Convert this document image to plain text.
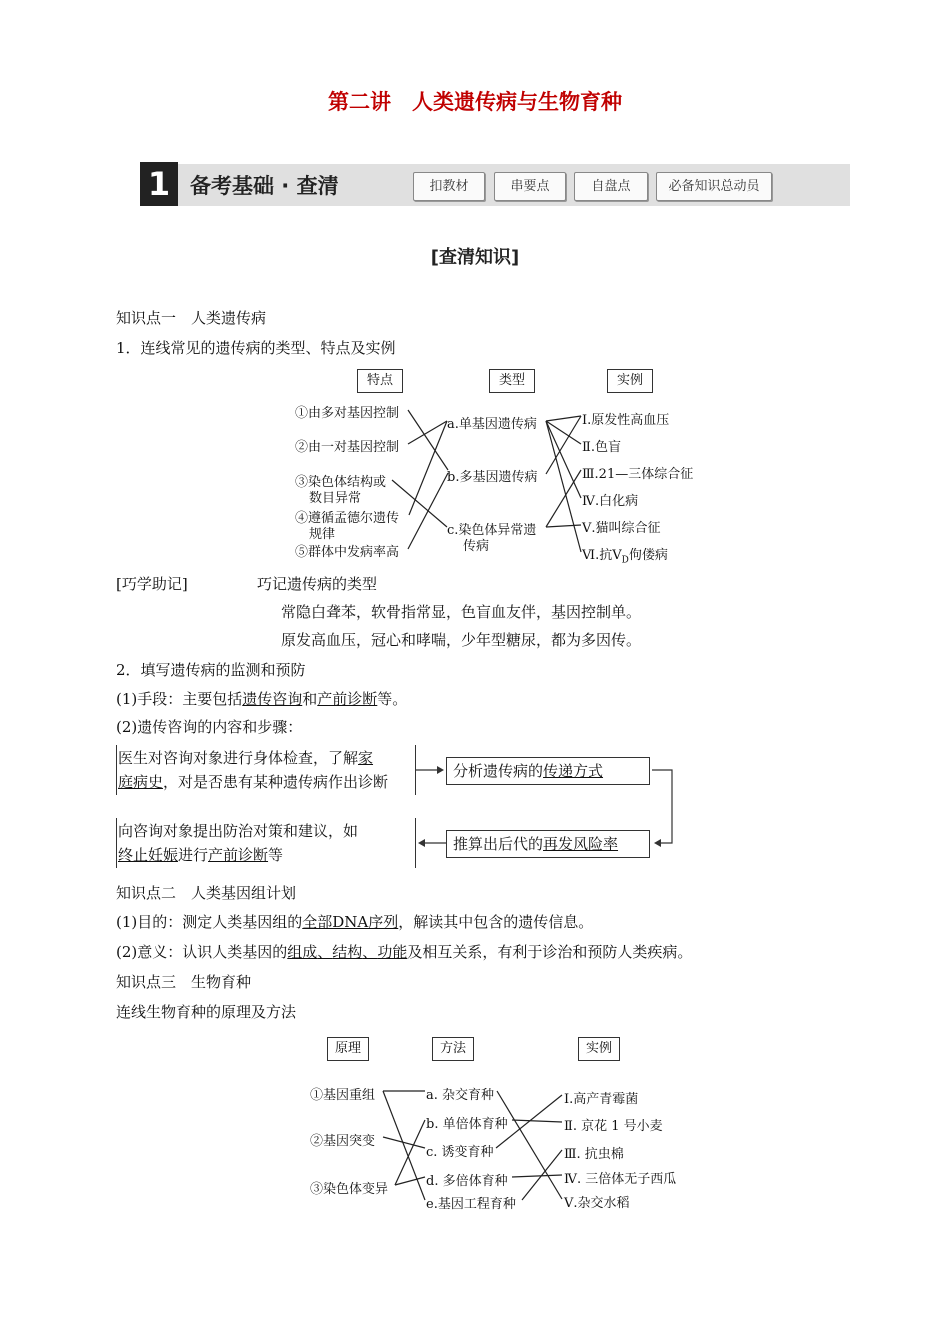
第二讲　人类遗传病与生物育种
1 备考基础 · 查清	扣教材	串要点	自盘点	必备知识总动员
[查清知识]
知识点一　人类遗传病
1．连线常见的遗传病的类型、特点及实例
特点	类型	实例
①由多对基因控制
②由一对基因控制
③染色体结构或
数目异常
④遵循孟德尔遗传
规律
⑤群体中发病率高
a.单基因遗传病
b.多基因遗传病
c.染色体异常遗
传病
Ⅰ.原发性高血压
Ⅱ.色盲
Ⅲ.21—三体综合征
Ⅳ.白化病
Ⅴ.猫叫综合征
Ⅵ.抗$V_D$佝偻病
[巧学助记]	巧记遗传病的类型
常隐白聋苯，软骨指常显，色盲血友伴，基因控制单。
原发高血压，冠心和哮喘，少年型糖尿，都为多因传。
2．填写遗传病的监测和预防
(1)手段：主要包括遗传咨询和产前诊断等。
(2)遗传咨询的内容和步骤：
医生对咨询对象进行身体检查，了解家
庭病史，对是否患有某种遗传病作出诊断
分析遗传病的传递方式
推算出后代的再发风险率
向咨询对象提出防治对策和建议，如
终止妊娠进行产前诊断等
知识点二　人类基因组计划
(1)目的：测定人类基因组的全部DNA序列，解读其中包含的遗传信息。
(2)意义：认识人类基因的组成、结构、功能及相互关系，有利于诊治和预防人类疾病。
知识点三　生物育种
连线生物育种的原理及方法
原理	方法	实例
①基因重组
②基因突变
③染色体变异
a. 杂交育种
b. 单倍体育种
c. 诱变育种
d. 多倍体育种
e.基因工程育种
Ⅰ.高产青霉菌
Ⅱ. 京花 1 号小麦
Ⅲ. 抗虫棉
Ⅳ. 三倍体无子西瓜
Ⅴ.杂交水稻
